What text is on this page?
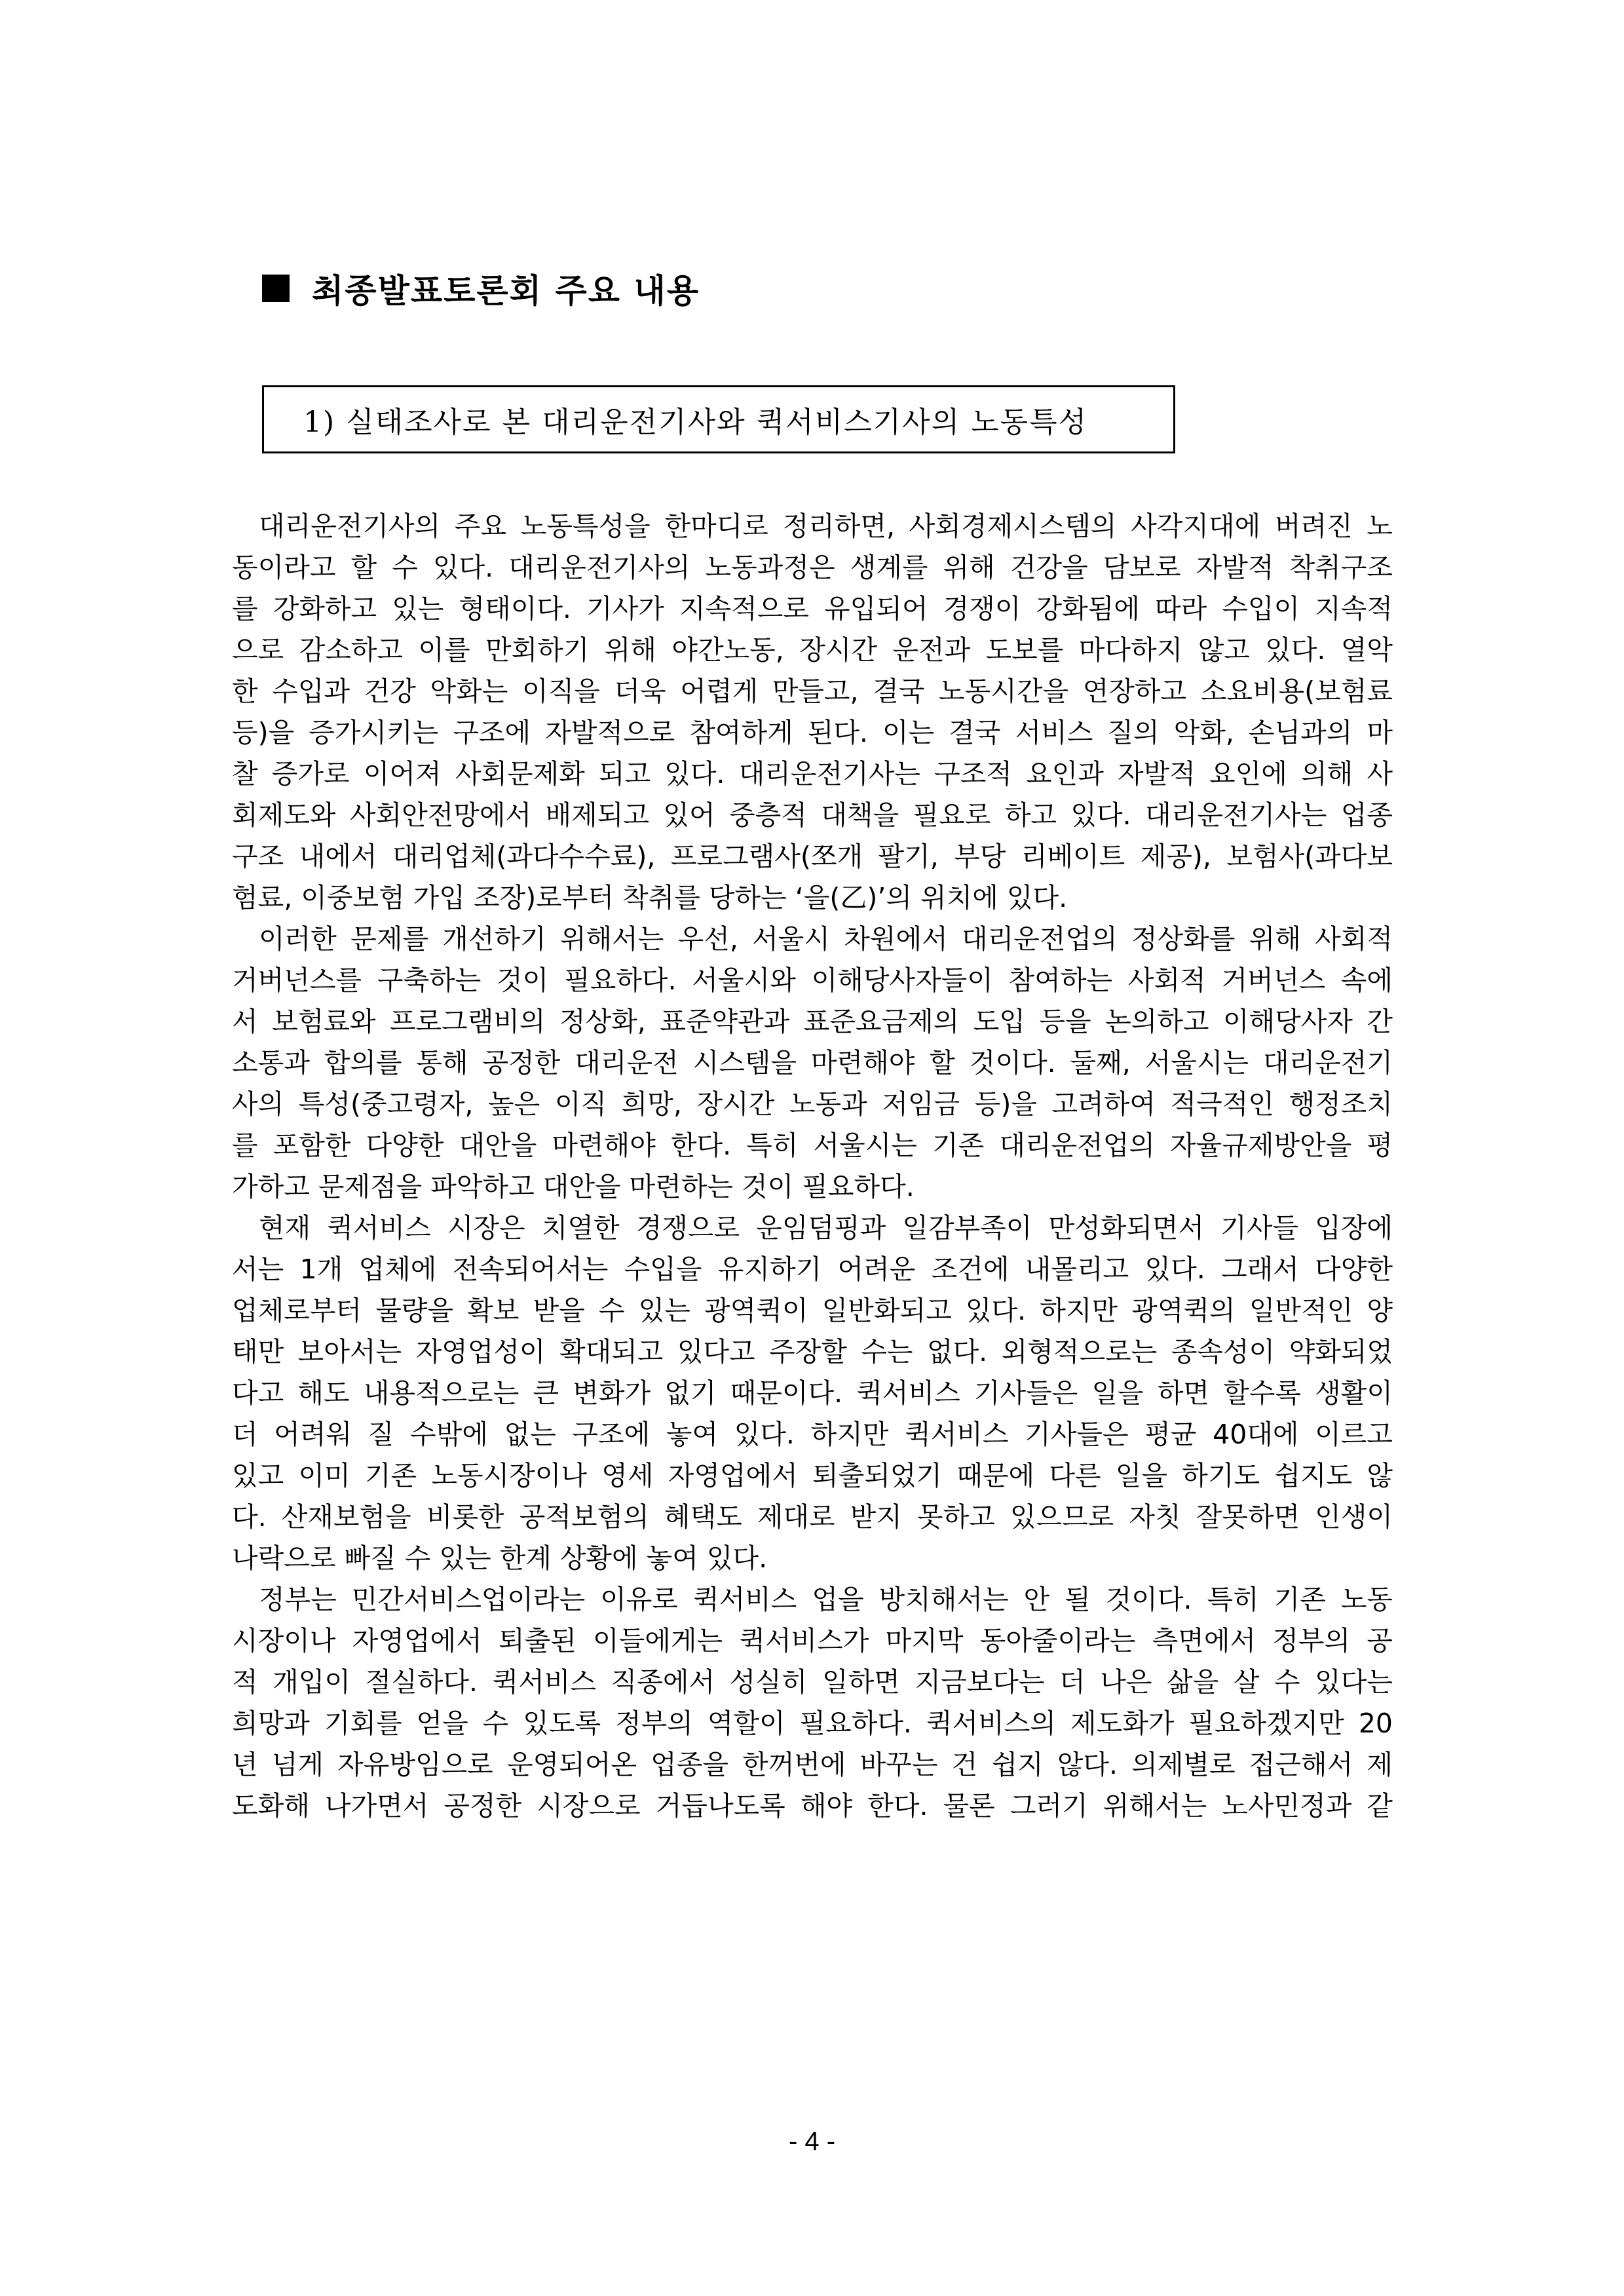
최종발표토론회 주요 내용
1) 실태조사로 본 대리운전기사와 퀵서비스기사의 노동특성
대리운전기사의 주요 노동특성을 한마디로 정리하면, 사회경제시스템의 사각지대에 버려진 노
동이라고 할 수 있다. 대리운전기사의 노동과정은 생계를 위해 건강을 담보로 자발적 착취구조
를 강화하고 있는 형태이다. 기사가 지속적으로 유입되어 경쟁이 강화됨에 따라 수입이 지속적
으로 감소하고 이를 만회하기 위해 야간노동, 장시간 운전과 도보를 마다하지 않고 있다. 열악
한 수입과 건강 악화는 이직을 더욱 어렵게 만들고, 결국 노동시간을 연장하고 소요비용(보험료
등)을 증가시키는 구조에 자발적으로 참여하게 된다. 이는 결국 서비스 질의 악화, 손님과의 마
찰 증가로 이어져 사회문제화 되고 있다. 대리운전기사는 구조적 요인과 자발적 요인에 의해 사
회제도와 사회안전망에서 배제되고 있어 중층적 대책을 필요로 하고 있다. 대리운전기사는 업종
구조 내에서 대리업체(과다수수료), 프로그램사(쪼개 팔기, 부당 리베이트 제공), 보험사(과다보
험료, 이중보험 가입 조장)로부터 착취를 당하는 ‘을(乙)’의 위치에 있다.
이러한 문제를 개선하기 위해서는 우선, 서울시 차원에서 대리운전업의 정상화를 위해 사회적
거버넌스를 구축하는 것이 필요하다. 서울시와 이해당사자들이 참여하는 사회적 거버넌스 속에
서 보험료와 프로그램비의 정상화, 표준약관과 표준요금제의 도입 등을 논의하고 이해당사자 간
소통과 합의를 통해 공정한 대리운전 시스템을 마련해야 할 것이다. 둘째, 서울시는 대리운전기
사의 특성(중고령자, 높은 이직 희망, 장시간 노동과 저임금 등)을 고려하여 적극적인 행정조치
를 포함한 다양한 대안을 마련해야 한다. 특히 서울시는 기존 대리운전업의 자율규제방안을 평
가하고 문제점을 파악하고 대안을 마련하는 것이 필요하다.
현재 퀵서비스 시장은 치열한 경쟁으로 운임덤핑과 일감부족이 만성화되면서 기사들 입장에
서는 1개 업체에 전속되어서는 수입을 유지하기 어려운 조건에 내몰리고 있다. 그래서 다양한
업체로부터 물량을 확보 받을 수 있는 광역퀵이 일반화되고 있다. 하지만 광역퀵의 일반적인 양
태만 보아서는 자영업성이 확대되고 있다고 주장할 수는 없다. 외형적으로는 종속성이 약화되었
다고 해도 내용적으로는 큰 변화가 없기 때문이다. 퀵서비스 기사들은 일을 하면 할수록 생활이
더 어려워 질 수밖에 없는 구조에 놓여 있다. 하지만 퀵서비스 기사들은 평균 40대에 이르고
있고 이미 기존 노동시장이나 영세 자영업에서 퇴출되었기 때문에 다른 일을 하기도 쉽지도 않
다. 산재보험을 비롯한 공적보험의 혜택도 제대로 받지 못하고 있으므로 자칫 잘못하면 인생이
나락으로 빠질 수 있는 한계 상황에 놓여 있다.
정부는 민간서비스업이라는 이유로 퀵서비스 업을 방치해서는 안 될 것이다. 특히 기존 노동
시장이나 자영업에서 퇴출된 이들에게는 퀵서비스가 마지막 동아줄이라는 측면에서 정부의 공
적 개입이 절실하다. 퀵서비스 직종에서 성실히 일하면 지금보다는 더 나은 삶을 살 수 있다는
희망과 기회를 얻을 수 있도록 정부의 역할이 필요하다. 퀵서비스의 제도화가 필요하겠지만 20
년 넘게 자유방임으로 운영되어온 업종을 한꺼번에 바꾸는 건 쉽지 않다. 의제별로 접근해서 제
도화해 나가면서 공정한 시장으로 거듭나도록 해야 한다. 물론 그러기 위해서는 노사민정과 같
- 4 -
